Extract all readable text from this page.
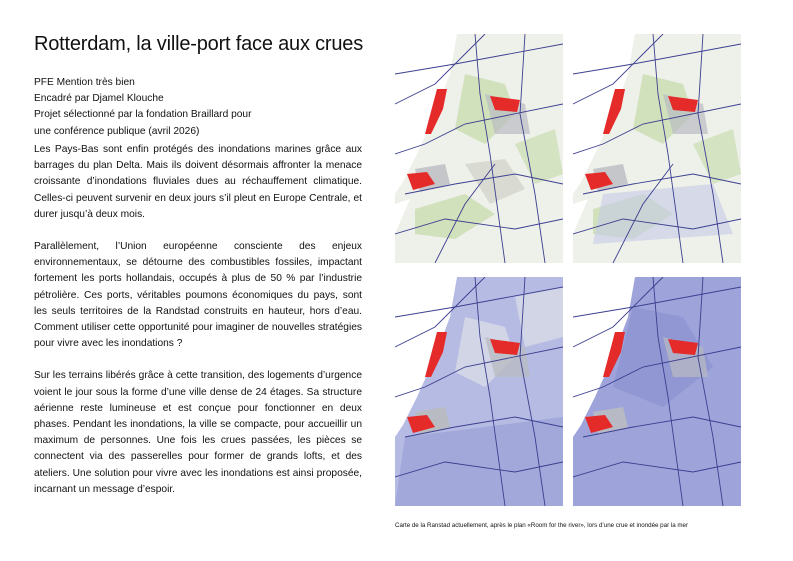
Rotterdam, la ville-port face aux crues
PFE Mention très bien
Encadré par Djamel Klouche
Projet sélectionné par la fondation Braillard pour
une conférence publique (avril 2026)

Les Pays-Bas sont enfin protégés des inondations marines grâce aux barrages du plan Delta. Mais ils doivent désormais affronter la menace croissante d’inondations fluviales dues au réchauffement climatique. Celles-ci peuvent survenir en deux jours s’il pleut en Europe Centrale, et durer jusqu’à deux mois.

Parallèlement, l’Union européenne consciente des enjeux environnementaux, se détourne des combustibles fossiles, impactant fortement les ports hollandais, occupés à plus de 50 % par l’industrie pétrolière. Ces ports, véritables poumons économiques du pays, sont les seuls territoires de la Randstad construits en hauteur, hors d’eau. Comment utiliser cette opportunité pour imaginer de nouvelles stratégies pour vivre avec les inondations ?

Sur les terrains libérés grâce à cette transition, des logements d’urgence voient le jour sous la forme d’une ville dense de 24 étages. Sa structure aérienne reste lumineuse et est conçue pour fonctionner en deux phases. Pendant les inondations, la ville se compacte, pour accueillir un maximum de personnes. Une fois les crues passées, les pièces se connectent via des passerelles pour former de grands lofts, et des ateliers. Une solution pour vivre avec les inondations est ainsi proposée, incarnant un message d’espoir.

Carte de la Ranstad actuellement, après le plan «Room for the river», lors d’une crue et inondée par la mer
